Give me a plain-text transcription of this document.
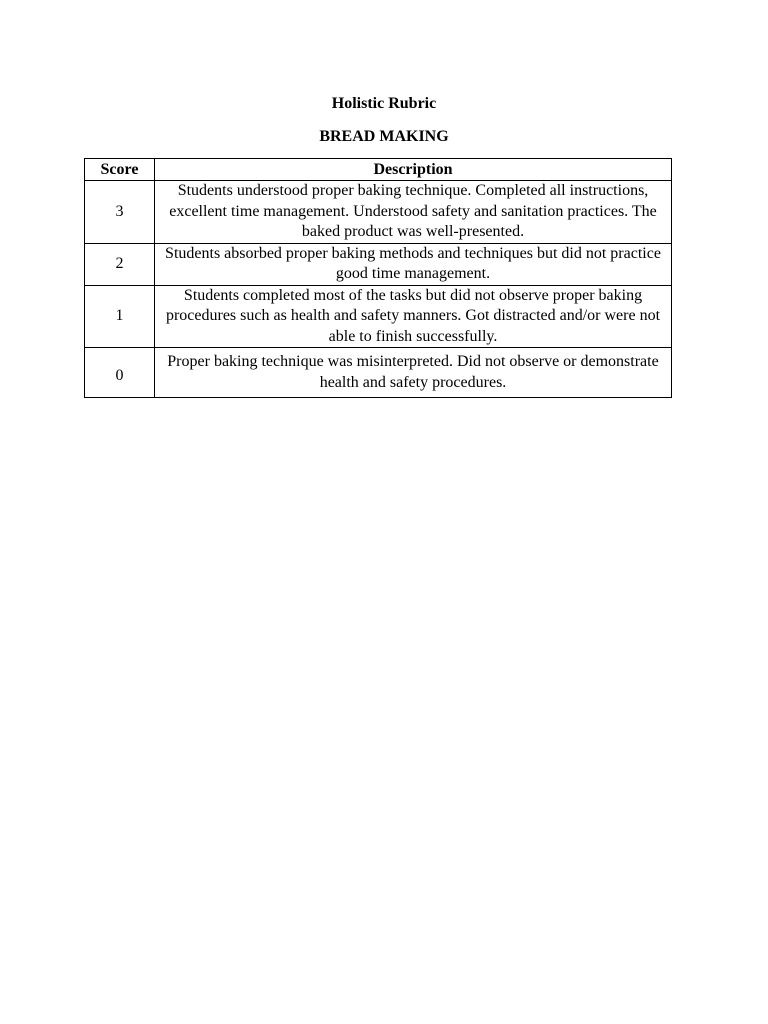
Holistic Rubric
BREAD MAKING
Score	Description
3	Students understood proper baking technique. Completed all instructions, excellent time management. Understood safety and sanitation practices. The baked product was well-presented.
2	Students absorbed proper baking methods and techniques but did not practice good time management.
1	Students completed most of the tasks but did not observe proper baking procedures such as health and safety manners. Got distracted and/or were not able to finish successfully.
0	Proper baking technique was misinterpreted. Did not observe or demonstrate health and safety procedures.
